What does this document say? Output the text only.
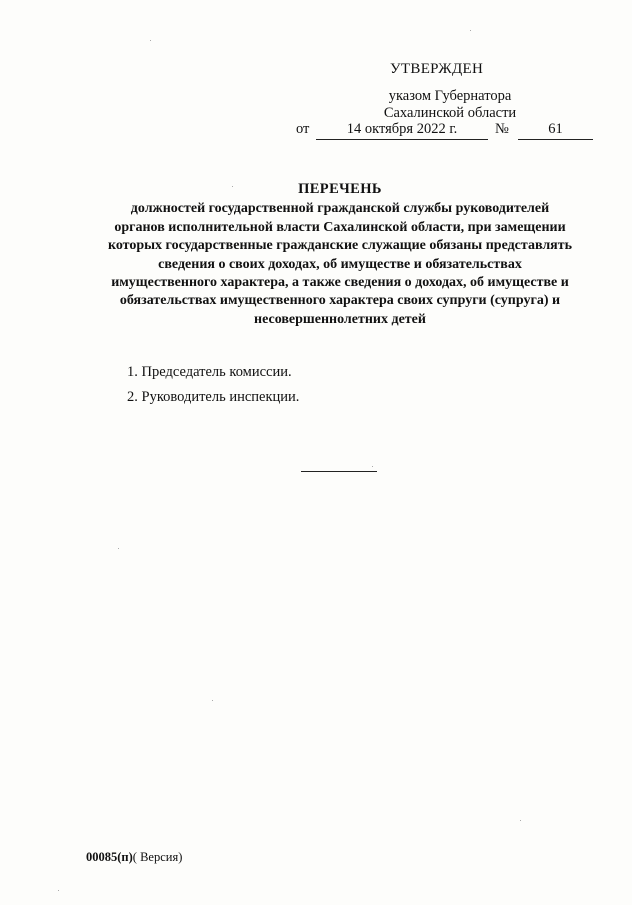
УТВЕРЖДЕН
указом Губернатора
Сахалинской области
от	14 октября 2022 г.	№	61
ПЕРЕЧЕНЬ
должностей государственной гражданской службы руководителей
органов исполнительной власти Сахалинской области, при замещении
которых государственные гражданские служащие обязаны представлять
сведения о своих доходах, об имуществе и обязательствах
имущественного характера, а также сведения о доходах, об имуществе и
обязательствах имущественного характера своих супруги (супруга) и
несовершеннолетних детей
1. Председатель комиссии.
2. Руководитель инспекции.
00085(п)( Версия)
